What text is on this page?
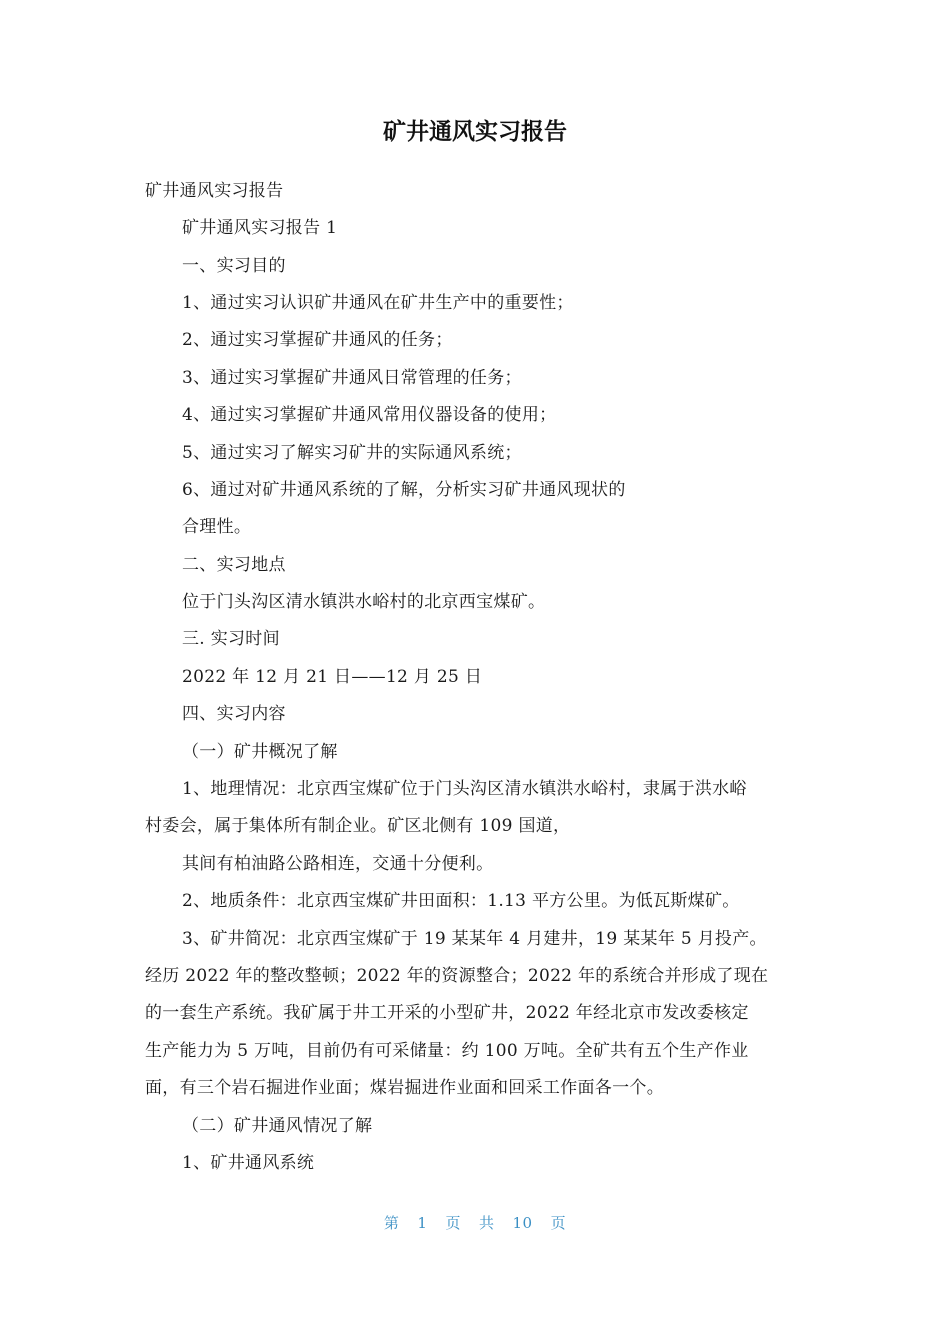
矿井通风实习报告
矿井通风实习报告
矿井通风实习报告 1
一、实习目的
1、通过实习认识矿井通风在矿井生产中的重要性；
2、通过实习掌握矿井通风的任务；
3、通过实习掌握矿井通风日常管理的任务；
4、通过实习掌握矿井通风常用仪器设备的使用；
5、通过实习了解实习矿井的实际通风系统；
6、通过对矿井通风系统的了解，分析实习矿井通风现状的
合理性。
二、实习地点
位于门头沟区清水镇洪水峪村的北京西宝煤矿。
三. 实习时间
2022 年 12 月 21 日——12 月 25 日
四、实习内容
（一）矿井概况了解
1、地理情况：北京西宝煤矿位于门头沟区清水镇洪水峪村，隶属于洪水峪
村委会，属于集体所有制企业。矿区北侧有 109 国道，
其间有柏油路公路相连，交通十分便利。
2、地质条件：北京西宝煤矿井田面积：1.13 平方公里。为低瓦斯煤矿。
3、矿井简况：北京西宝煤矿于 19 某某年 4 月建井，19 某某年 5 月投产。
经历 2022 年的整改整顿；2022 年的资源整合；2022 年的系统合并形成了现在
的一套生产系统。我矿属于井工开采的小型矿井，2022 年经北京市发改委核定
生产能力为 5 万吨，目前仍有可采储量：约 100 万吨。全矿共有五个生产作业
面，有三个岩石掘进作业面；煤岩掘进作业面和回采工作面各一个。
（二）矿井通风情况了解
1、矿井通风系统
第 1 页 共 10 页
